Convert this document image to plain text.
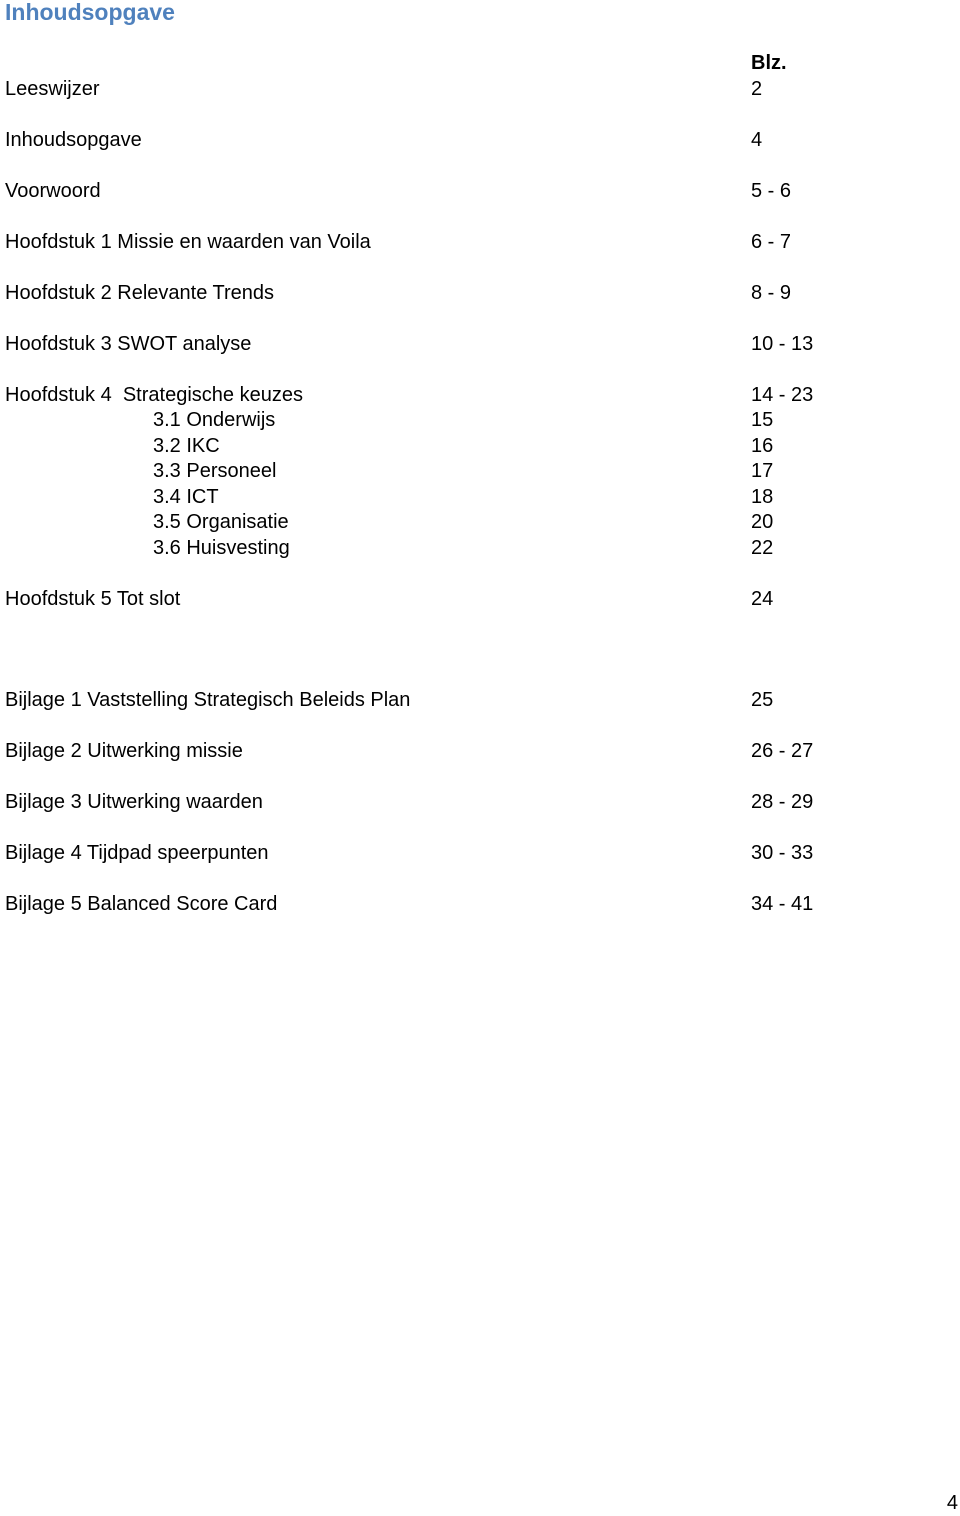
Inhoudsopgave
Blz.
Leeswijzer	2
Inhoudsopgave	4
Voorwoord	5 - 6
Hoofdstuk 1 Missie en waarden van Voila	6 - 7
Hoofdstuk 2 Relevante Trends	8 - 9
Hoofdstuk 3 SWOT analyse	10 - 13
Hoofdstuk 4  Strategische keuzes	14 - 23
3.1 Onderwijs	15
3.2 IKC	16
3.3 Personeel	17
3.4 ICT	18
3.5 Organisatie	20
3.6 Huisvesting	22
Hoofdstuk 5 Tot slot	24
Bijlage 1 Vaststelling Strategisch Beleids Plan	25
Bijlage 2 Uitwerking missie	26 - 27
Bijlage 3 Uitwerking waarden	28 - 29
Bijlage 4 Tijdpad speerpunten	30 - 33
Bijlage 5 Balanced Score Card	34 - 41
4
